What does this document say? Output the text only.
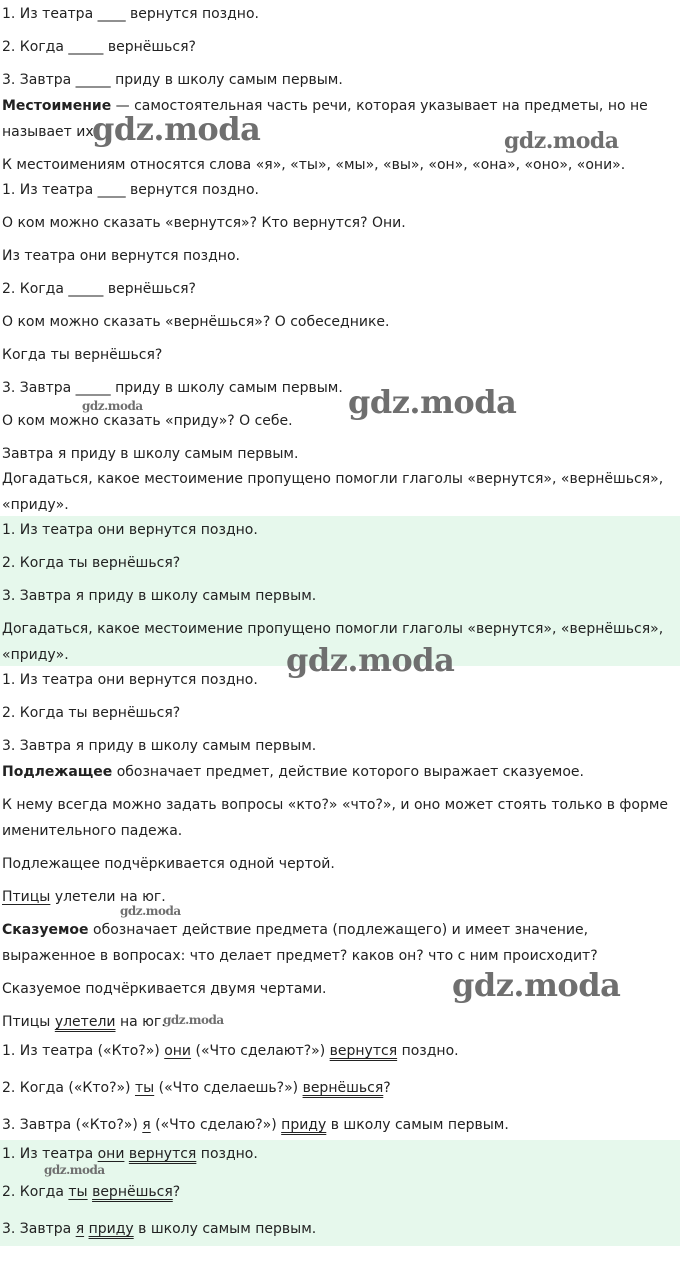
1. Из театра ____ вернутся поздно.
2. Когда _____ вернёшься?
3. Завтра _____ приду в школу самым первым.
Местоимение — самостоятельная часть речи, которая указывает на предметы, но не называет их.
К местоимениям относятся слова «я», «ты», «мы», «вы», «он», «она», «оно», «они».
1. Из театра ____ вернутся поздно.
О ком можно сказать «вернутся»? Кто вернутся? Они.
Из театра они вернутся поздно.
2. Когда _____ вернёшься?
О ком можно сказать «вернёшься»? О собеседнике.
Когда ты вернёшься?
3. Завтра _____ приду в школу самым первым.
О ком можно сказать «приду»? О себе.
Завтра я приду в школу самым первым.
Догадаться, какое местоимение пропущено помогли глаголы «вернутся», «вернёшься», «приду».
1. Из театра они вернутся поздно.
2. Когда ты вернёшься?
3. Завтра я приду в школу самым первым.
Догадаться, какое местоимение пропущено помогли глаголы «вернутся», «вернёшься», «приду».
1. Из театра они вернутся поздно.
2. Когда ты вернёшься?
3. Завтра я приду в школу самым первым.
Подлежащее обозначает предмет, действие которого выражает сказуемое.
К нему всегда можно задать вопросы «кто?» «что?», и оно может стоять только в форме именительного падежа.
Подлежащее подчёркивается одной чертой.
Птицы улетели на юг.
Сказуемое обозначает действие предмета (подлежащего) и имеет значение, выраженное в вопросах: что делает предмет? каков он? что с ним происходит?
Сказуемое подчёркивается двумя чертами.
Птицы улетели на юг.
1. Из театра («Кто?») они («Что сделают?») вернутся поздно.
2. Когда («Кто?») ты («Что сделаешь?») вернёшься?
3. Завтра («Кто?») я («Что сделаю?») приду в школу самым первым.
1. Из театра они вернутся поздно.
2. Когда ты вернёшься?
3. Завтра я приду в школу самым первым.
gdz.moda	gdz.moda
gdz.moda	gdz.moda
gdz.moda
gdz.moda
gdz.moda
gdz.moda
gdz.moda
